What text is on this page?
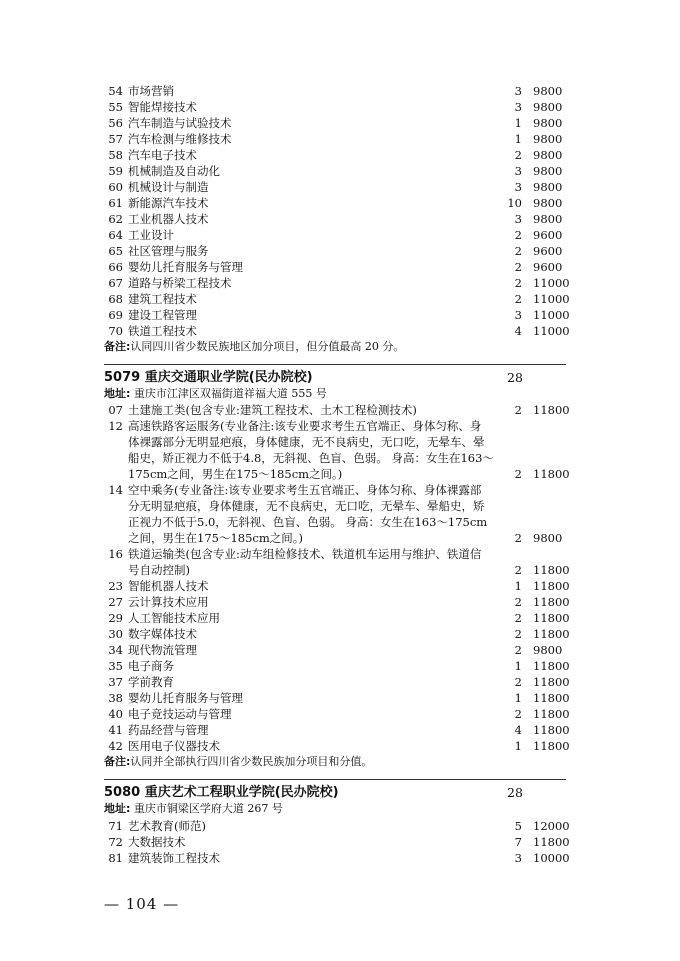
54 市场营销	3 9800
55 智能焊接技术	3 9800
56 汽车制造与试验技术	1 9800
57 汽车检测与维修技术	1 9800
58 汽车电子技术	2 9800
59 机械制造及自动化	3 9800
60 机械设计与制造	3 9800
61 新能源汽车技术	10 9800
62 工业机器人技术	3 9800
64 工业设计	2 9600
65 社区管理与服务	2 9600
66 婴幼儿托育服务与管理	2 9600
67 道路与桥梁工程技术	2 11000
68 建筑工程技术	2 11000
69 建设工程管理	3 11000
70 铁道工程技术	4 11000
备注:认同四川省少数民族地区加分项目，但分值最高 20 分。
5079 重庆交通职业学院(民办院校)	28
地址: 重庆市江津区双福街道祥福大道 555 号
07 土建施工类(包含专业:建筑工程技术、土木工程检测技术)	2 11800
12 高速铁路客运服务(专业备注:该专业要求考生五官端正、身体匀称、身
体裸露部分无明显疤痕，身体健康，无不良病史，无口吃，无晕车、晕
船史，矫正视力不低于4.8，无斜视、色盲、色弱。 身高：女生在163～
175cm之间，男生在175～185cm之间。)	2 11800
14 空中乘务(专业备注:该专业要求考生五官端正、身体匀称、身体裸露部
分无明显疤痕，身体健康，无不良病史，无口吃，无晕车、晕船史，矫
正视力不低于5.0，无斜视、色盲、色弱。 身高：女生在163～175cm
之间，男生在175～185cm之间。)	2 9800
16 铁道运输类(包含专业:动车组检修技术、铁道机车运用与维护、铁道信
号自动控制)	2 11800
23 智能机器人技术	1 11800
27 云计算技术应用	2 11800
29 人工智能技术应用	2 11800
30 数字媒体技术	2 11800
34 现代物流管理	2 9800
35 电子商务	1 11800
37 学前教育	2 11800
38 婴幼儿托育服务与管理	1 11800
40 电子竞技运动与管理	2 11800
41 药品经营与管理	4 11800
42 医用电子仪器技术	1 11800
备注:认同并全部执行四川省少数民族加分项目和分值。
5080 重庆艺术工程职业学院(民办院校)	28
地址: 重庆市铜梁区学府大道 267 号
71 艺术教育(师范)	5 12000
72 大数据技术	7 11800
81 建筑装饰工程技术	3 10000
— 104 —
